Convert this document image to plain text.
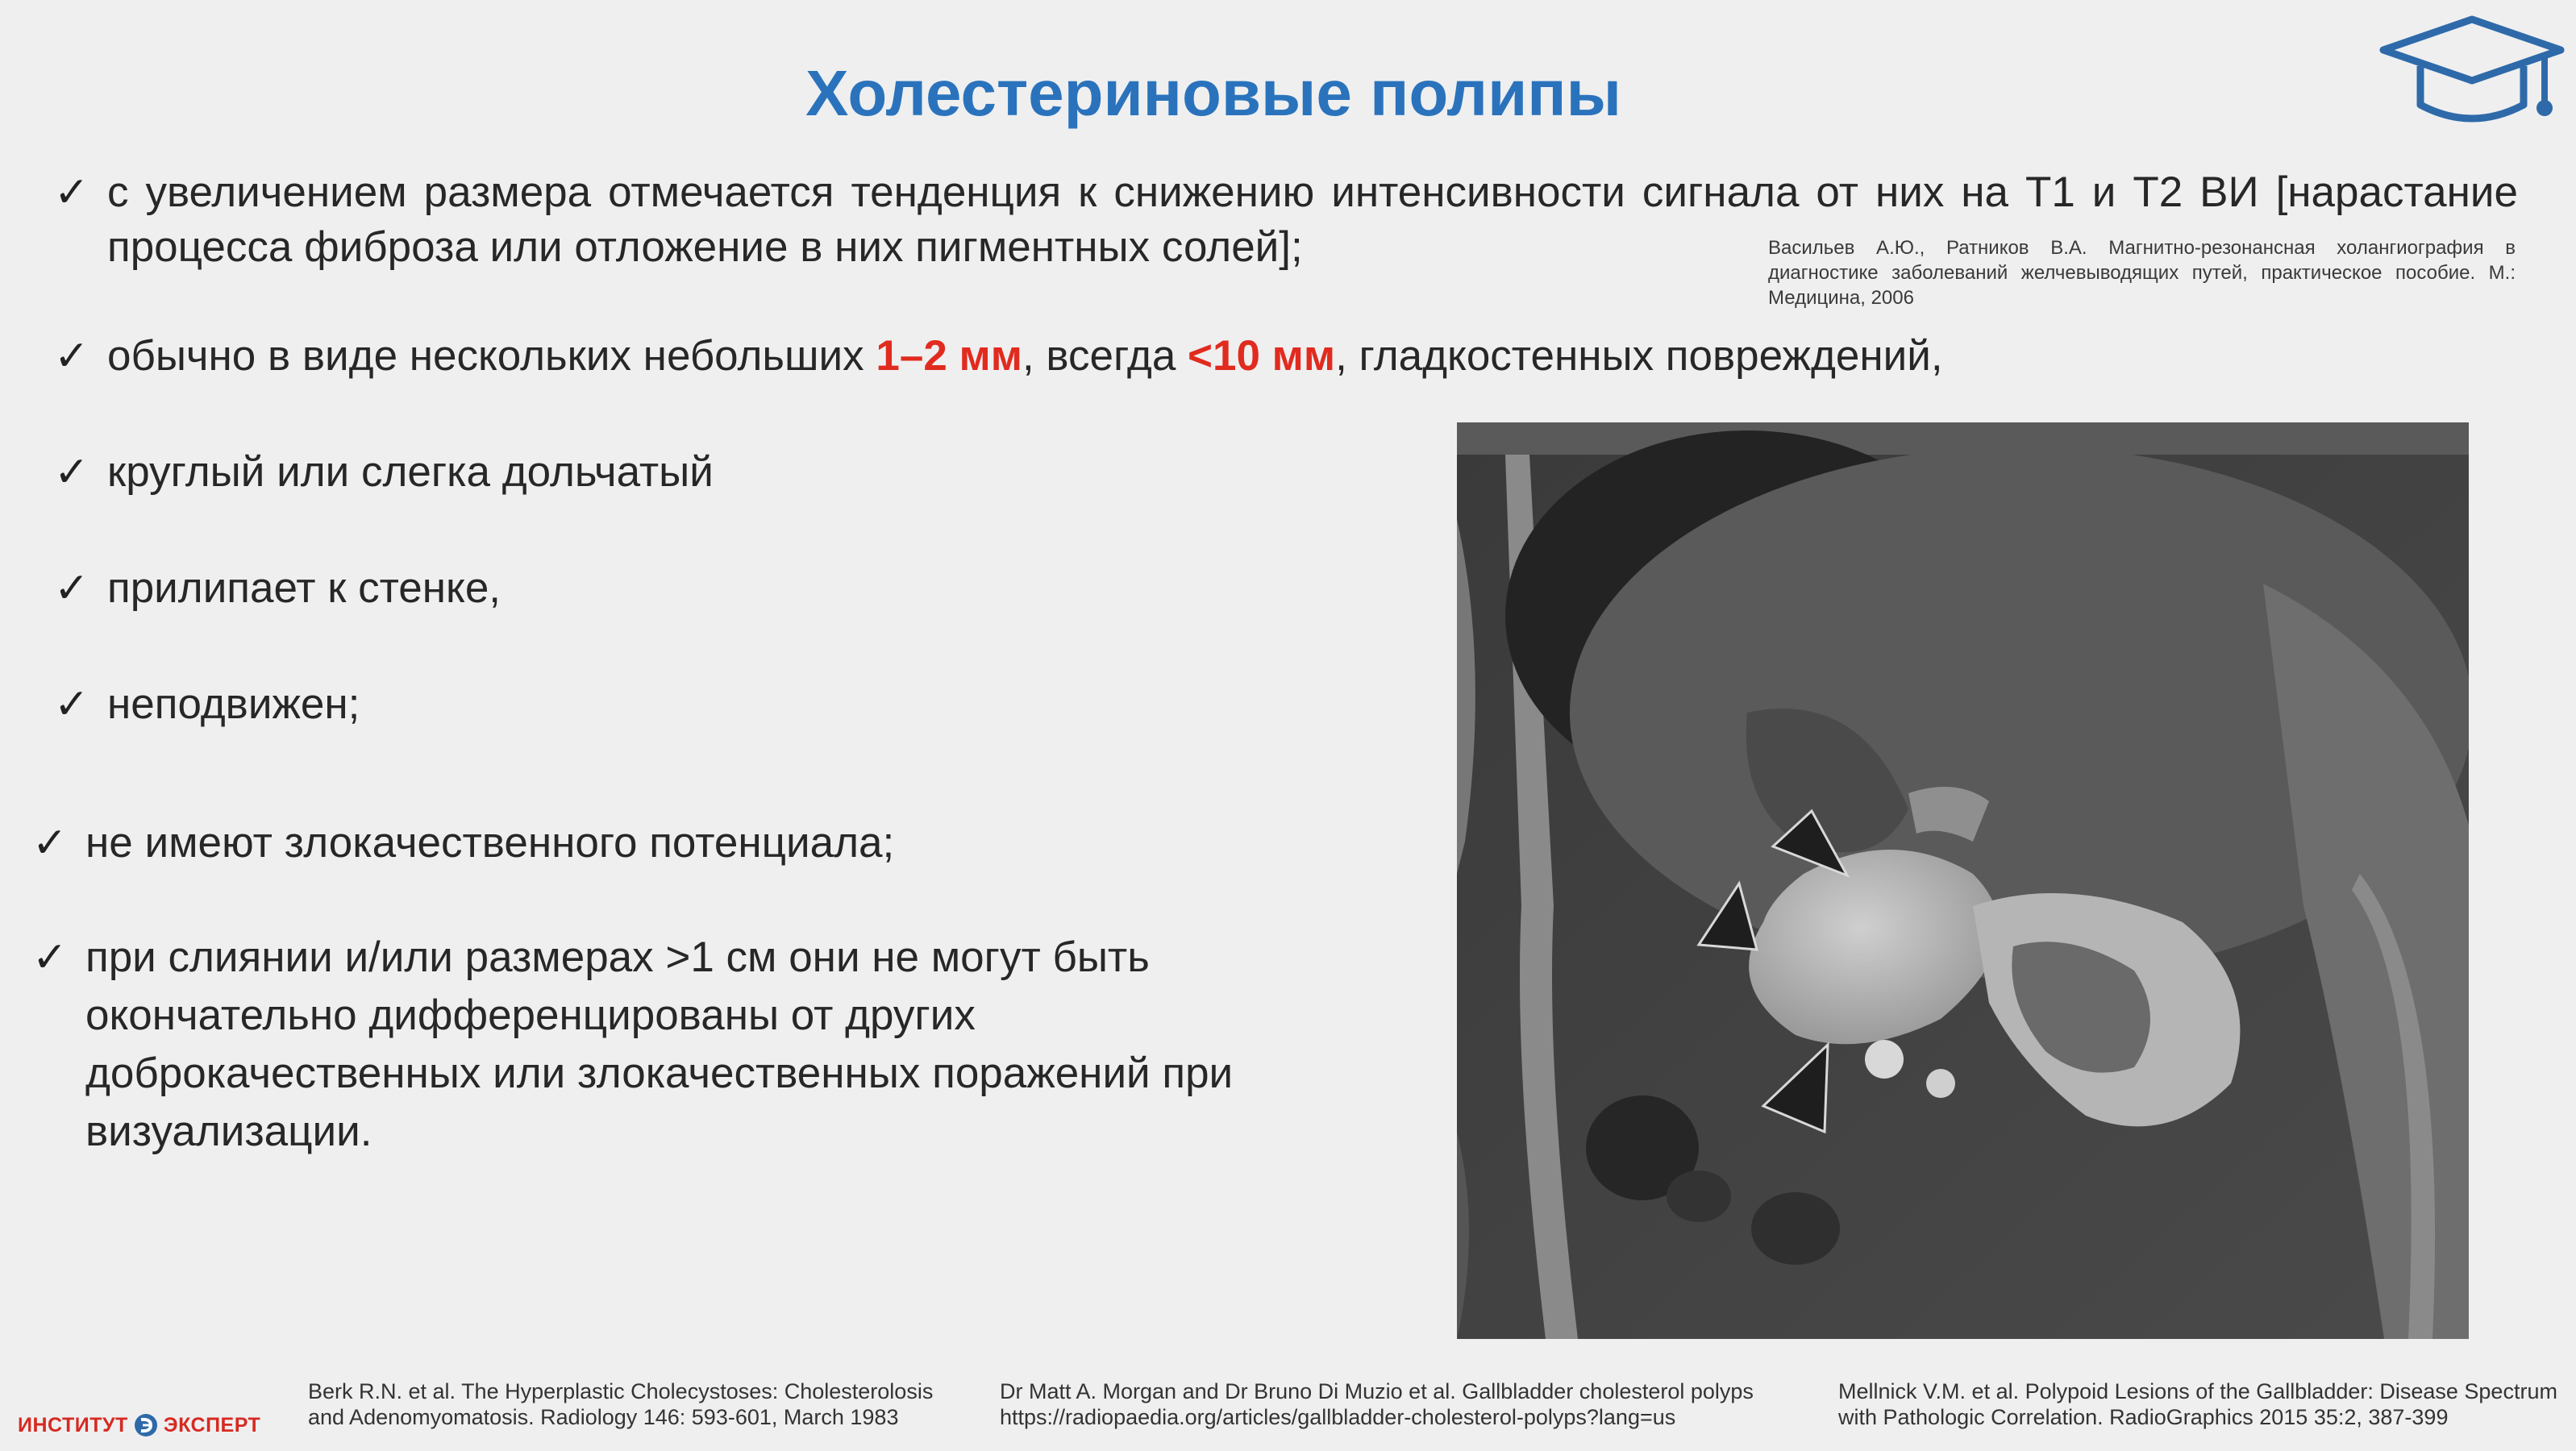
Холестериновые полипы
✓ с увеличением размера отмечается тенденция к снижению интенсивности сигнала от них на Т1 и Т2 ВИ [нарастание процесса фиброза или отложение в них пигментных солей];	Васильев А.Ю., Ратников В.А. Магнитно-резонансная холангиография в диагностике заболеваний желчевыводящих путей, практическое пособие. М.: Медицина, 2006
✓ обычно в виде нескольких небольших 1–2 мм, всегда <10 мм, гладкостенных повреждений,
✓ круглый или слегка дольчатый
✓ прилипает к стенке,
✓ неподвижен;
✓ не имеют злокачественного потенциала;
✓ при слиянии и/или размерах >1 см они не могут быть окончательно дифференцированы от других доброкачественных или злокачественных поражений при визуализации.
ИНСТИТУТ ЭКСПЕРТ
Berk R.N. et al. The Hyperplastic Cholecystoses: Cholesterolosis and Adenomyomatosis. Radiology 146: 593-601, March 1983
Dr Matt A. Morgan and Dr Bruno Di Muzio et al. Gallbladder cholesterol polyps https://radiopaedia.org/articles/gallbladder-cholesterol-polyps?lang=us
Mellnick V.M. et al. Polypoid Lesions of the Gallbladder: Disease Spectrum with Pathologic Correlation. RadioGraphics 2015 35:2, 387-399
